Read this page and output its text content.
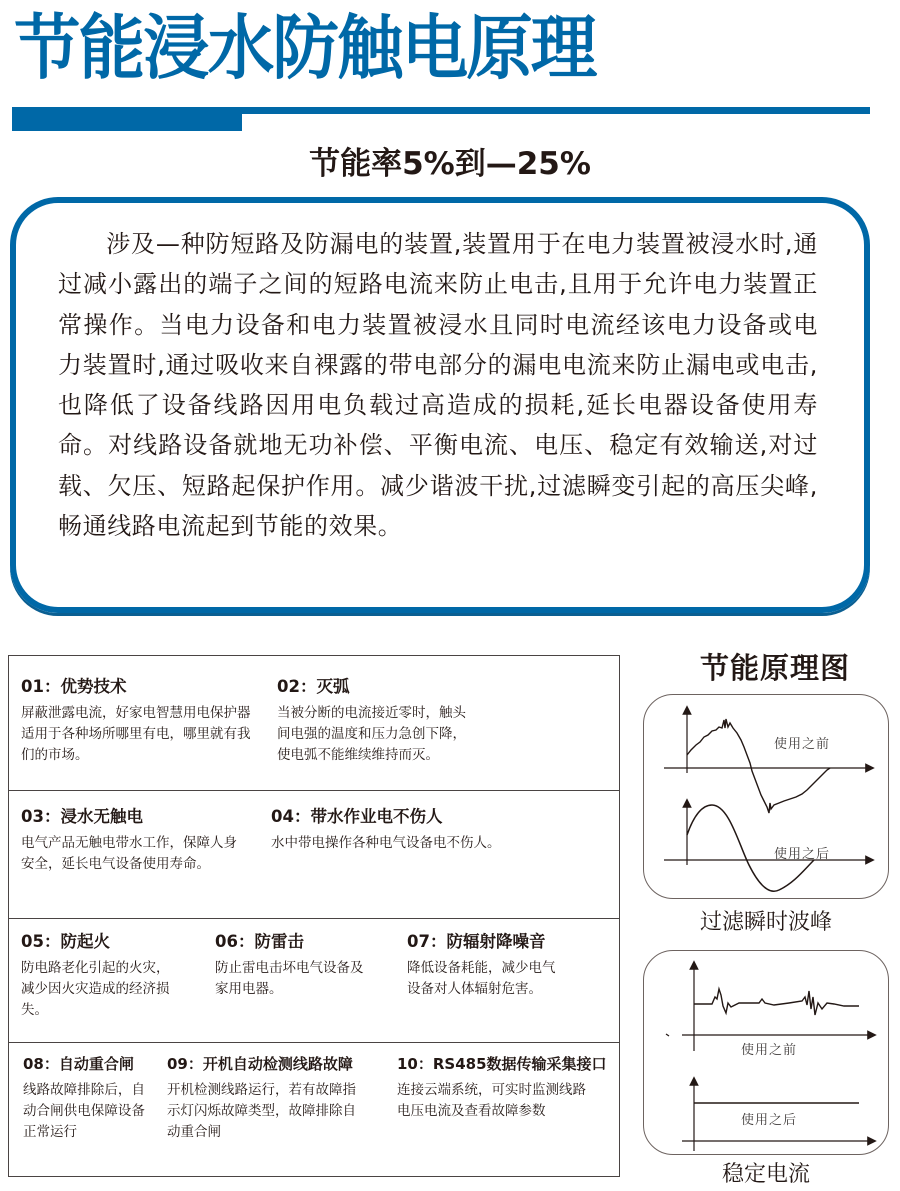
节能浸水防触电原理
节能率5%到—25%
涉及—种防短路及防漏电的装置,装置用于在电力装置被浸水时,通过减小露出的端子之间的短路电流来防止电击,且用于允许电力装置正常操作。当电力设备和电力装置被浸水且同时电流经该电力设备或电力装置时,通过吸收来自裸露的带电部分的漏电电流来防止漏电或电击,也降低了设备线路因用电负载过高造成的损耗,延长电器设备使用寿命。对线路设备就地无功补偿、平衡电流、电压、稳定有效输送,对过载、欠压、短路起保护作用。减少谐波干扰,过滤瞬变引起的高压尖峰,畅通线路电流起到节能的效果。
01：优势技术
屏蔽泄露电流，好家电智慧用电保护器适用于各种场所哪里有电，哪里就有我们的市场。
02：灭弧
当被分断的电流接近零时，触头间电强的温度和压力急创下降，使电弧不能维续维持而灭。
03：浸水无触电
电气产品无触电带水工作，保障人身安全，延长电气设备使用寿命。
04：带水作业电不伤人
水中带电操作各种电气设备电不伤人。
05：防起火
防电路老化引起的火灾，减少因火灾造成的经济损失。
06：防雷击
防止雷电击坏电气设备及家用电器。
07：防辐射降噪音
降低设备耗能，减少电气设备对人体辐射危害。
08：自动重合闸
线路故障排除后，自动合闸供电保障设备正常运行
09：开机自动检测线路故障
开机检测线路运行，若有故障指示灯闪烁故障类型，故障排除自动重合闸
10：RS485数据传输采集接口
连接云端系统，可实时监测线路电压电流及查看故障参数
节能原理图
使用之前
使用之后
过滤瞬时波峰
使用之前
使用之后
稳定电流
